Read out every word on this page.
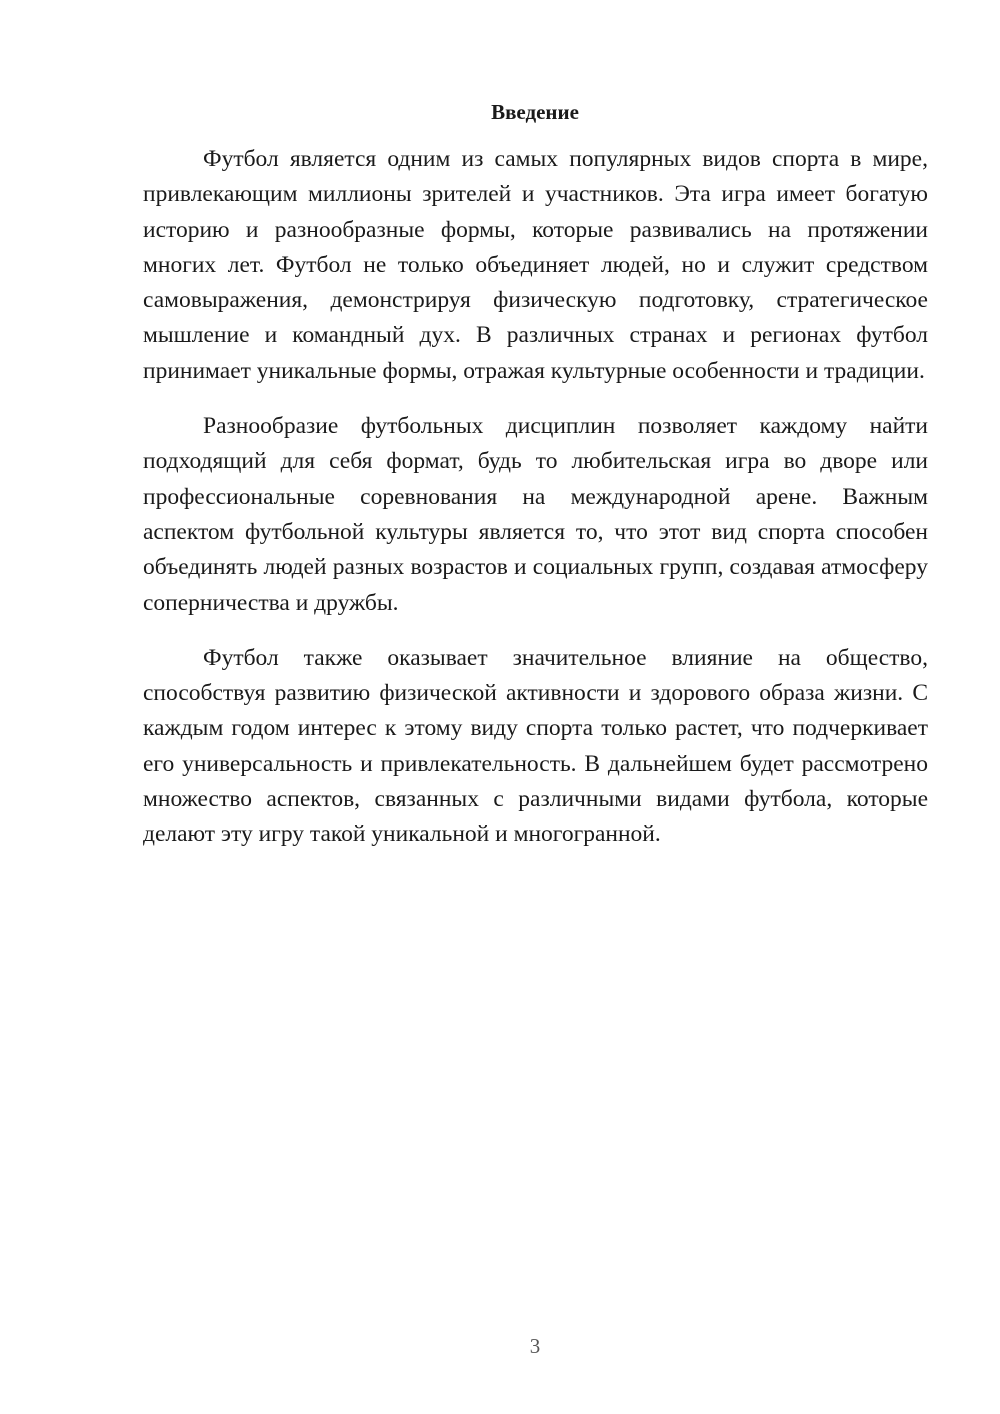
Введение

Футбол является одним из самых популярных видов спорта в мире, привлекающим миллионы зрителей и участников. Эта игра имеет богатую историю и разнообразные формы, которые развивались на протяжении многих лет. Футбол не только объединяет людей, но и служит средством самовыражения, демонстрируя физическую подготовку, стратегическое мышление и командный дух. В различных странах и регионах футбол принимает уникальные формы, отражая культурные особенности и традиции.

Разнообразие футбольных дисциплин позволяет каждому найти подходящий для себя формат, будь то любительская игра во дворе или профессиональные соревнования на международной арене. Важным аспектом футбольной культуры является то, что этот вид спорта способен объединять людей разных возрастов и социальных групп, создавая атмосферу соперничества и дружбы.

Футбол также оказывает значительное влияние на общество, способствуя развитию физической активности и здорового образа жизни. С каждым годом интерес к этому виду спорта только растет, что подчеркивает его универсальность и привлекательность. В дальнейшем будет рассмотрено множество аспектов, связанных с различными видами футбола, которые делают эту игру такой уникальной и многогранной.

3
